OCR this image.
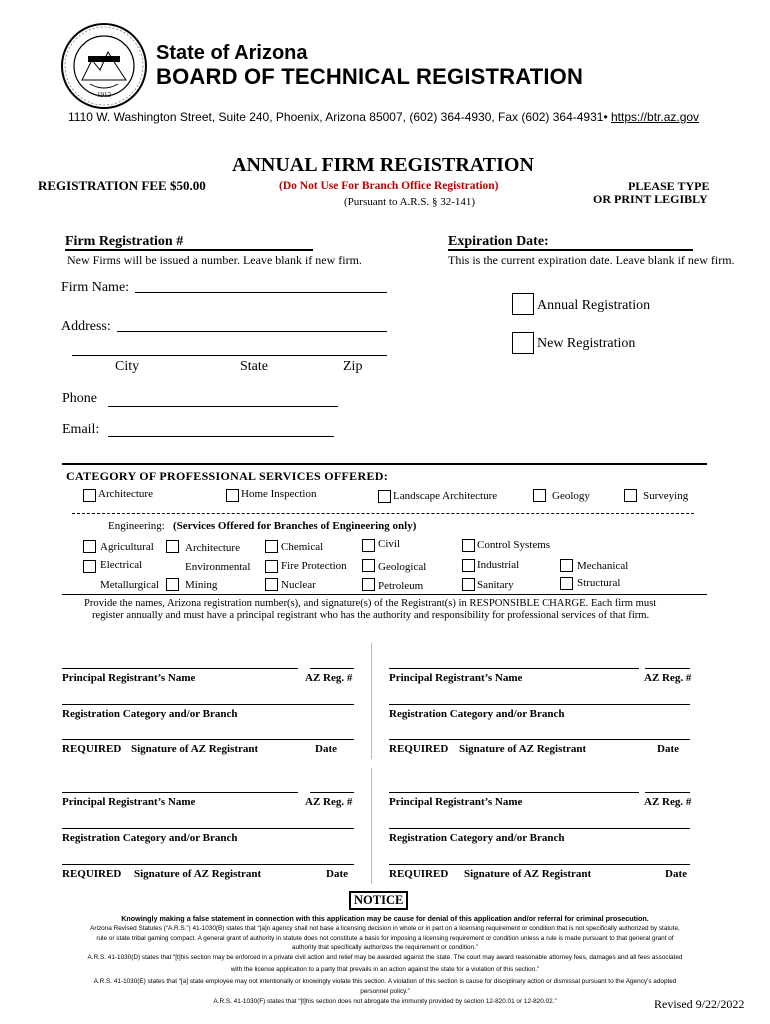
1912
State of Arizona
BOARD OF TECHNICAL REGISTRATION
1110 W. Washington Street, Suite 240, Phoenix, Arizona 85007, (602) 364-4930, Fax (602) 364-4931• https://btr.az.gov
ANNUAL FIRM REGISTRATION
REGISTRATION FEE $50.00	(Do Not Use For Branch Office Registration)
(Pursuant to A.R.S. § 32-141)
PLEASE TYPE
OR PRINT LEGIBLY
Firm Registration #
New Firms will be issued a number. Leave blank if new firm.
Expiration Date:
This is the current expiration date. Leave blank if new firm.
Firm Name:
Annual Registration
Address:
New Registration
City	State	Zip
Phone
Email:
CATEGORY OF PROFESSIONAL SERVICES OFFERED:
Architecture	Home Inspection	Landscape Architecture	Geology	Surveying
Engineering: (Services Offered for Branches of Engineering only)
Agricultural	Architecture	Chemical	Civil	Control Systems
Electrical	Environmental	Fire Protection	Geological	Industrial	Mechanical
Metallurgical Mining	Nuclear	Petroleum	Sanitary	Structural
Provide the names, Arizona registration number(s), and signature(s) of the Registrant(s) in RESPONSIBLE CHARGE. Each firm must
register annually and must have a principal registrant who has the authority and responsibility for professional services of that firm.
Principal Registrant’s Name	AZ Reg. #
Registration Category and/or Branch
REQUIRED Signature of AZ Registrant	Date
Principal Registrant’s Name	AZ Reg. #
Registration Category and/or Branch
REQUIRED Signature of AZ Registrant	Date
Principal Registrant’s Name	AZ Reg. #
Registration Category and/or Branch
REQUIRED Signature of AZ Registrant	Date
Principal Registrant’s Name	AZ Reg. #
Registration Category and/or Branch
REQUIRED Signature of AZ Registrant	Date
NOTICE
Knowingly making a false statement in connection with this application may be cause for denial of this application and/or referral for criminal prosecution.
Arizona Revised Statutes (“A.R.S.”) 41-1030(B) states that “[a]n agency shall not base a licensing decision in whole or in part on a licensing requirement or condition that is not specifically authorized by statute,
rule or state tribal gaming compact. A general grant of authority in statute does not constitute a basis for imposing a licensing requirement or condition unless a rule is made pursuant to that general grant of
authority that specifically authorizes the requirement or condition.”
A.R.S. 41-1030(D) states that “[t]his section may be enforced in a private civil action and relief may be awarded against the state. The court may award reasonable attorney fees, damages and all fees associated
with the license application to a party that prevails in an action against the state for a violation of this section.”
A.R.S. 41-1030(E) states that “[a] state employee may not intentionally or knowingly violate this section. A violation of this section is cause for disciplinary action or dismissal pursuant to the Agency’s adopted
personnel policy.”
A.R.S. 41-1030(F) states that “[t]his section does not abrogate the immunity provided by section 12-820.01 or 12-820.02.”	Revised 9/22/2022
